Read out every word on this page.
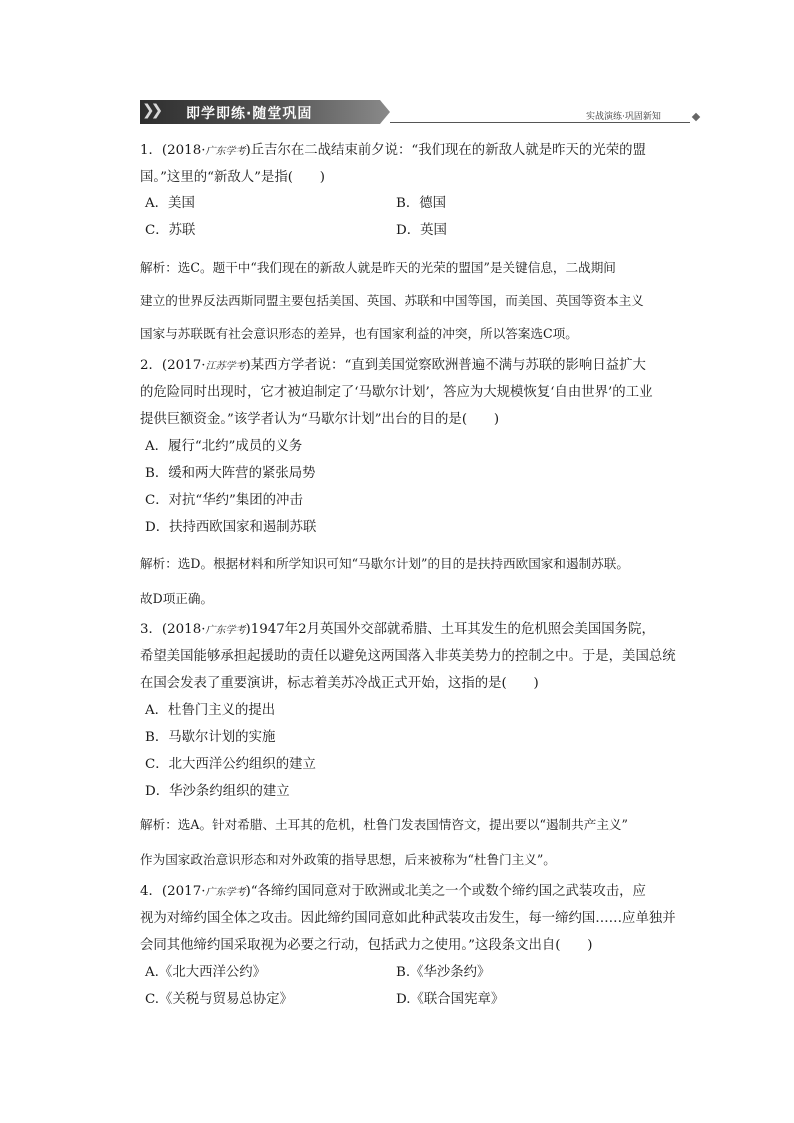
❯❯ 即学即练·随堂巩固	实战演练·巩固新知
1．(2018·广东学考)丘吉尔在二战结束前夕说：“我们现在的新敌人就是昨天的光荣的盟
国。”这里的“新敌人”是指(　　)
A．美国	B．德国
C．苏联	D．英国
解析：选C。题干中“我们现在的新敌人就是昨天的光荣的盟国”是关键信息，二战期间
建立的世界反法西斯同盟主要包括美国、英国、苏联和中国等国，而美国、英国等资本主义
国家与苏联既有社会意识形态的差异，也有国家利益的冲突，所以答案选C项。
2．(2017·江苏学考)某西方学者说：“直到美国觉察欧洲普遍不满与苏联的影响日益扩大
的危险同时出现时，它才被迫制定了‘马歇尔计划’，答应为大规模恢复‘自由世界’的工业
提供巨额资金。”该学者认为“马歇尔计划”出台的目的是(　　)
A．履行“北约”成员的义务
B．缓和两大阵营的紧张局势
C．对抗“华约”集团的冲击
D．扶持西欧国家和遏制苏联
解析：选D。根据材料和所学知识可知“马歇尔计划”的目的是扶持西欧国家和遏制苏联。
故D项正确。
3．(2018·广东学考)1947年2月英国外交部就希腊、土耳其发生的危机照会美国国务院，
希望美国能够承担起援助的责任以避免这两国落入非英美势力的控制之中。于是，美国总统
在国会发表了重要演讲，标志着美苏冷战正式开始，这指的是(　　)
A．杜鲁门主义的提出
B．马歇尔计划的实施
C．北大西洋公约组织的建立
D．华沙条约组织的建立
解析：选A。针对希腊、土耳其的危机，杜鲁门发表国情咨文，提出要以“遏制共产主义”
作为国家政治意识形态和对外政策的指导思想，后来被称为“杜鲁门主义”。
4．(2017·广东学考)“各缔约国同意对于欧洲或北美之一个或数个缔约国之武装攻击，应
视为对缔约国全体之攻击。因此缔约国同意如此种武装攻击发生，每一缔约国……应单独并
会同其他缔约国采取视为必要之行动，包括武力之使用。”这段条文出自(　　)
A.《北大西洋公约》	B.《华沙条约》
C.《关税与贸易总协定》	D.《联合国宪章》
